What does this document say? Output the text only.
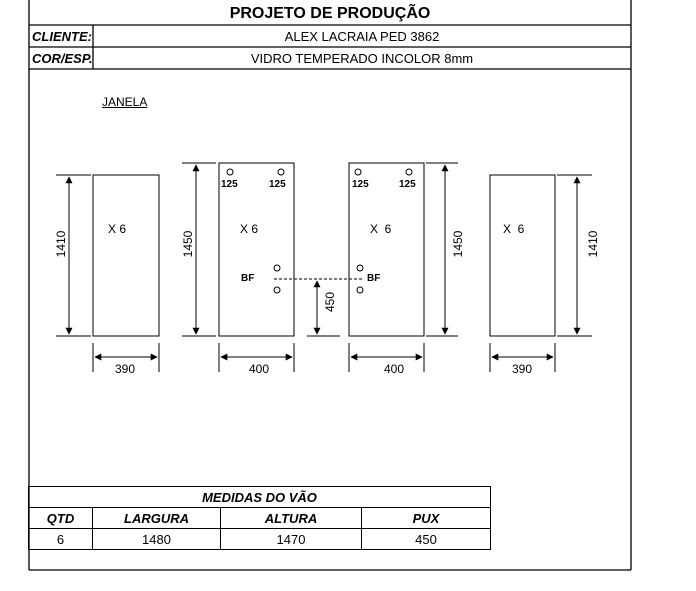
PROJETO DE PRODUÇÃO
CLIENTE:	ALEX LACRAIA PED 3862
COR/ESP.	VIDRO TEMPERADO INCOLOR 8mm
JANELA
1410
X 6
390
1450
125	125
X 6
BF
400
450
125	125
X  6
BF
400
1450
X  6
390
1410
MEDIDAS DO VÃO			
QTD	LARGURA	ALTURA	PUX
6	1480	1470	450
